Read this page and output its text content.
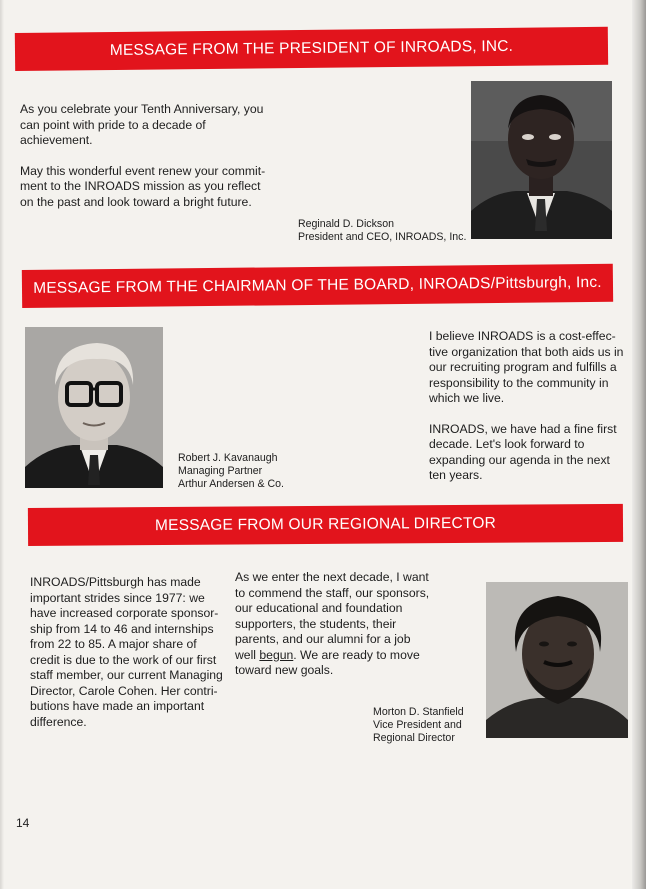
MESSAGE FROM THE PRESIDENT OF INROADS, INC.

As you celebrate your Tenth Anniversary, you

can point with pride to a decade of

achievement.

May this wonderful event renew your commit-

ment to the INROADS mission as you reflect

on the past and look toward a bright future.

Reginald D. Dickson
President and CEO, INROADS, Inc.
MESSAGE FROM THE CHAIRMAN OF THE BOARD, INROADS/Pittsburgh, Inc.
Robert J. Kavanaugh
Managing Partner
Arthur Andersen & Co.

I believe INROADS is a cost-effec-

tive organization that both aids us in

our recruiting program and fulfills a

responsibility to the community in

which we live.

INROADS, we have had a fine first

decade. Let's look forward to

expanding our agenda in the next

ten years.

MESSAGE FROM OUR REGIONAL DIRECTOR

INROADS/Pittsburgh has made

important strides since 1977: we

have increased corporate sponsor-

ship from 14 to 46 and internships

from 22 to 85. A major share of

credit is due to the work of our first

staff member, our current Managing

Director, Carole Cohen. Her contri-

butions have made an important

difference.

As we enter the next decade, I want

to commend the staff, our sponsors,

our educational and foundation

supporters, the students, their

parents, and our alumni for a job

well begun. We are ready to move

toward new goals.

Morton D. Stanfield
Vice President and
Regional Director
14
